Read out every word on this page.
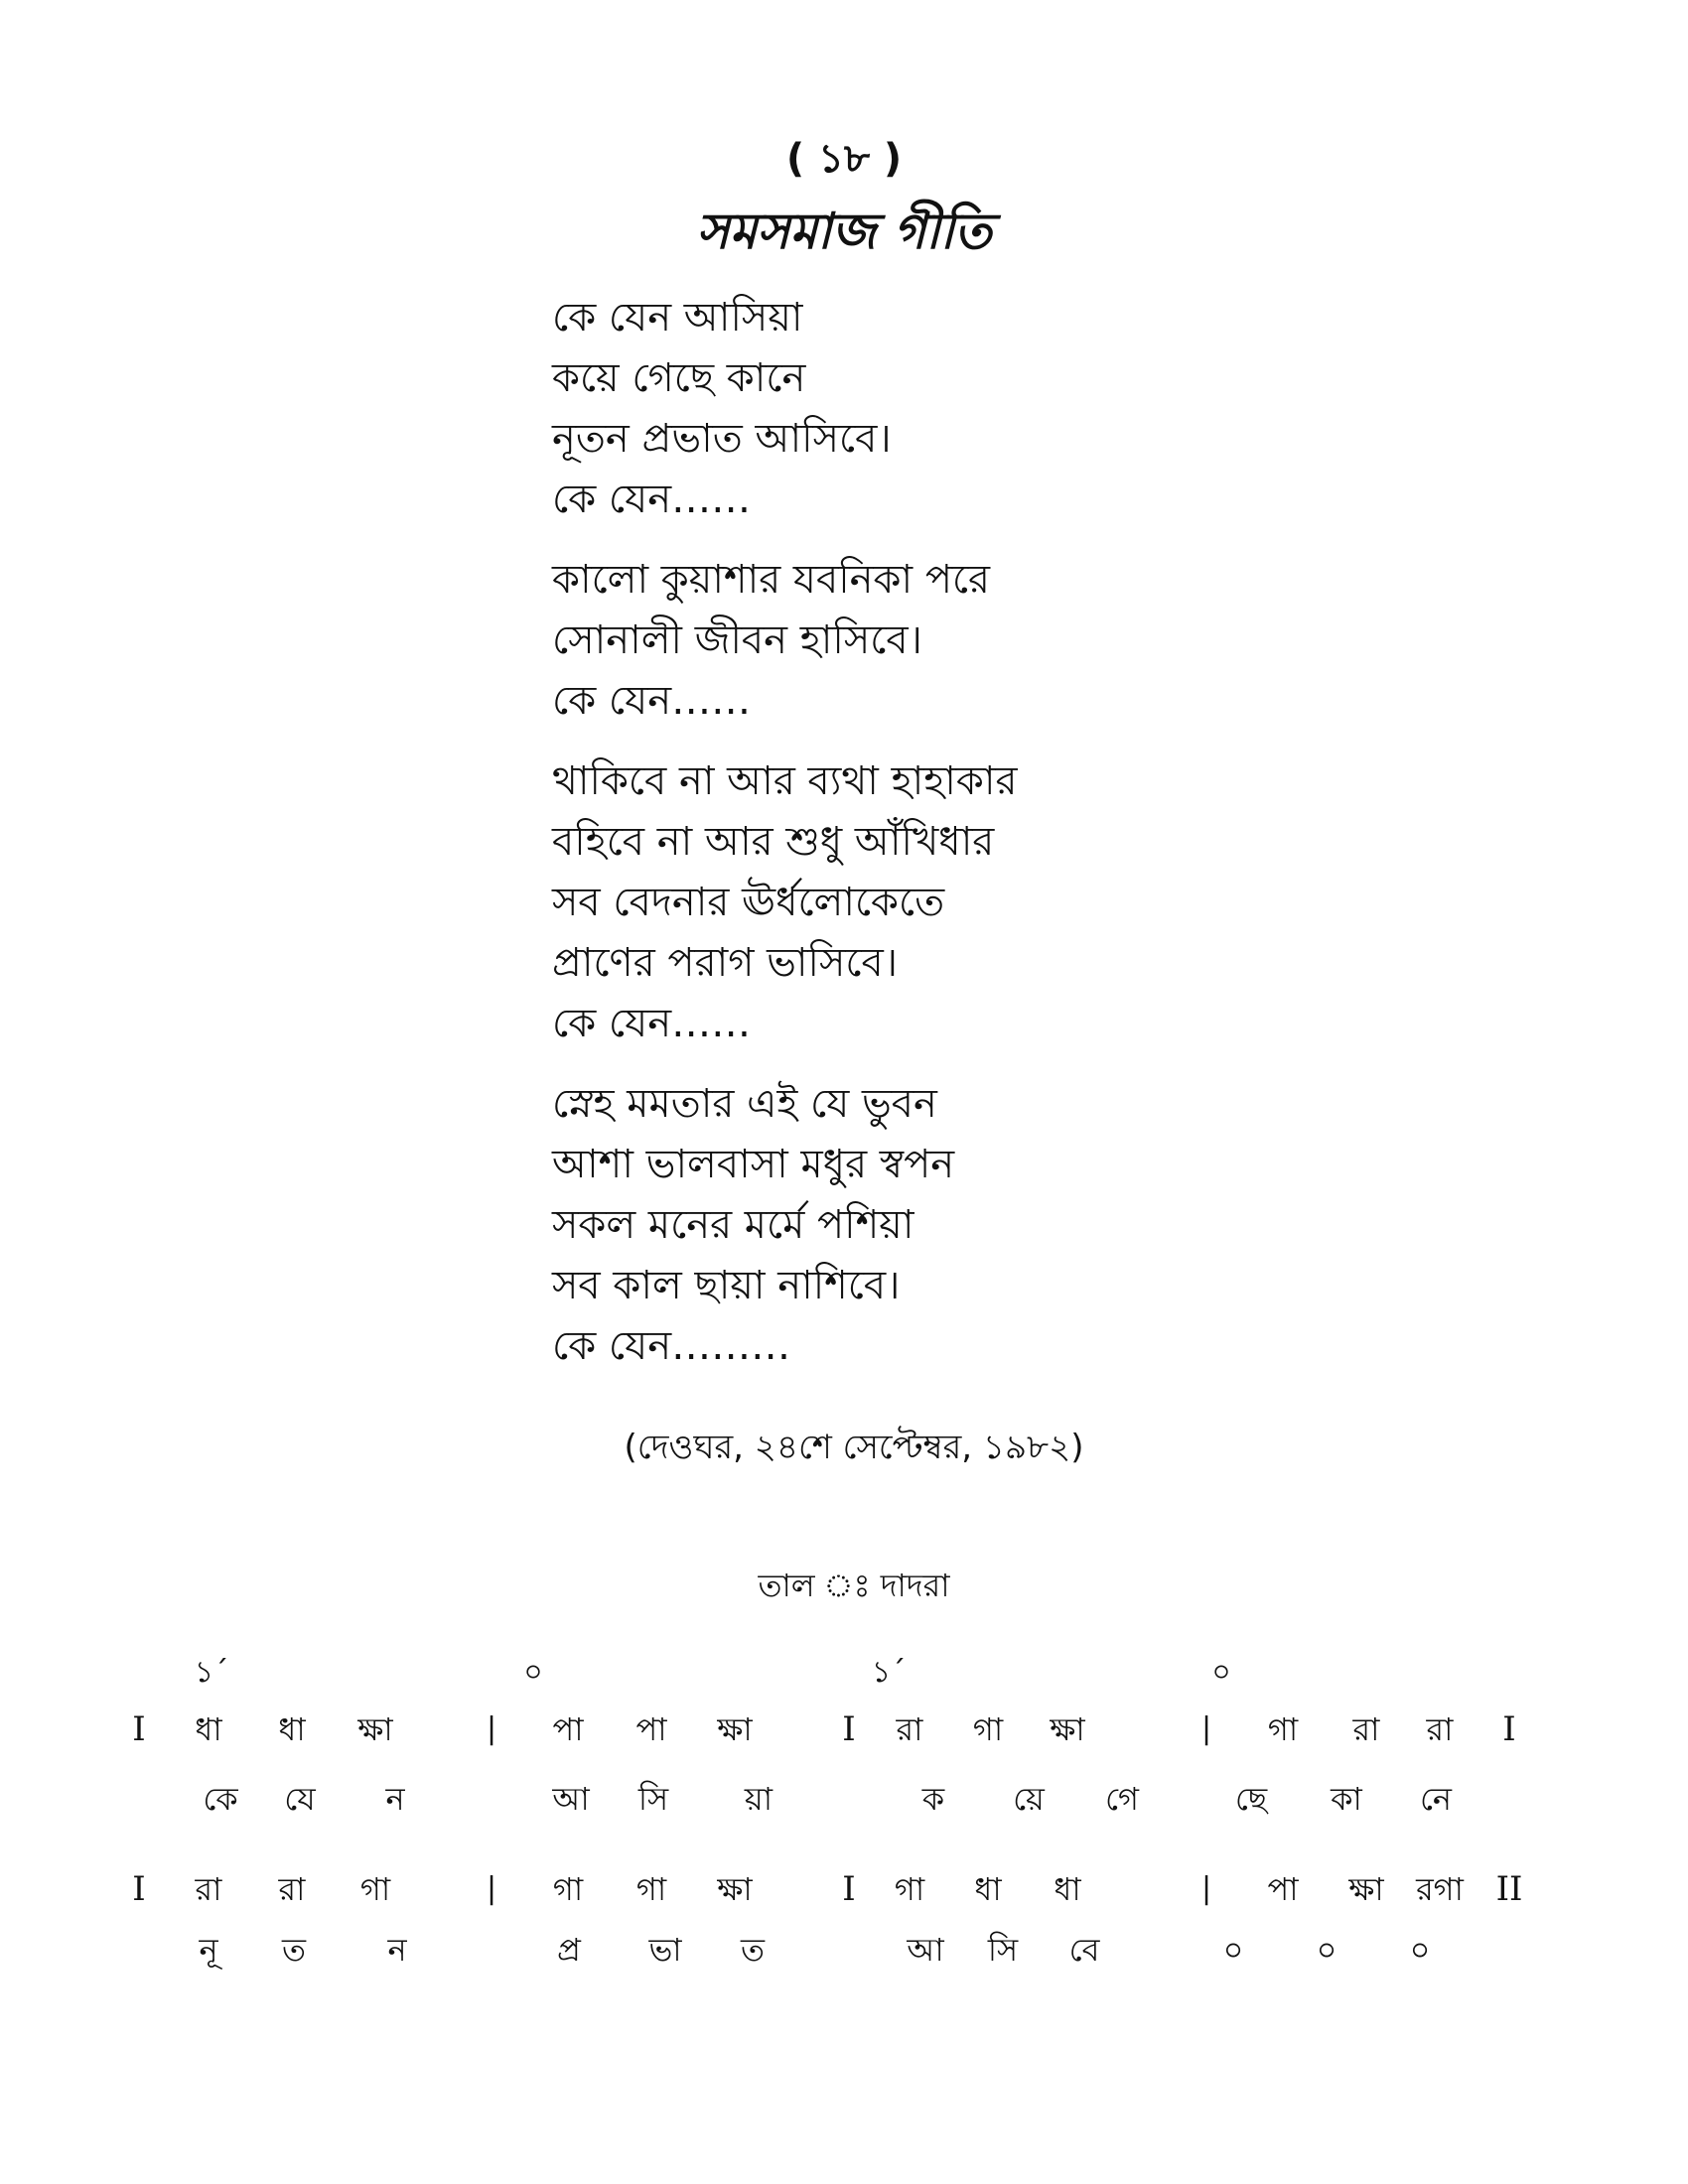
( ১৮ )
সমসমাজ গীতি
কে যেন আসিয়া
কয়ে গেছে কানে
নূতন প্রভাত আসিবে।
কে যেন……
কালো কুয়াশার যবনিকা পরে
সোনালী জীবন হাসিবে।
কে যেন……
থাকিবে না আর ব্যথা হাহাকার
বহিবে না আর শুধু আঁখিধার
সব বেদনার ঊর্ধলোকেতে
প্রাণের পরাগ ভাসিবে।
কে যেন……
স্নেহ মমতার এই যে ভুবন
আশা ভালবাসা মধুর স্বপন
সকল মনের মর্মে পশিয়া
সব কাল ছায়া নাশিবে।
কে যেন………
(দেওঘর, ২৪শে সেপ্টেম্বর, ১৯৮২)
তাল ঃ দাদরা
১´	০	১´	০
I	ধা	ধা	ক্ষা	|	পা	পা	ক্ষা	I	রা	গা	ক্ষা	|	গা	রা	রা	I
কে	যে	ন	আ	সি	য়া	ক	য়ে	গে	ছে	কা	নে
I	রা	রা	গা	|	গা	গা	ক্ষা	I	গা	ধা	ধা	|	পা	ক্ষা	রগা II
নূ	ত	ন	প্র	ভা	ত	আ	সি	বে	০	০	০
